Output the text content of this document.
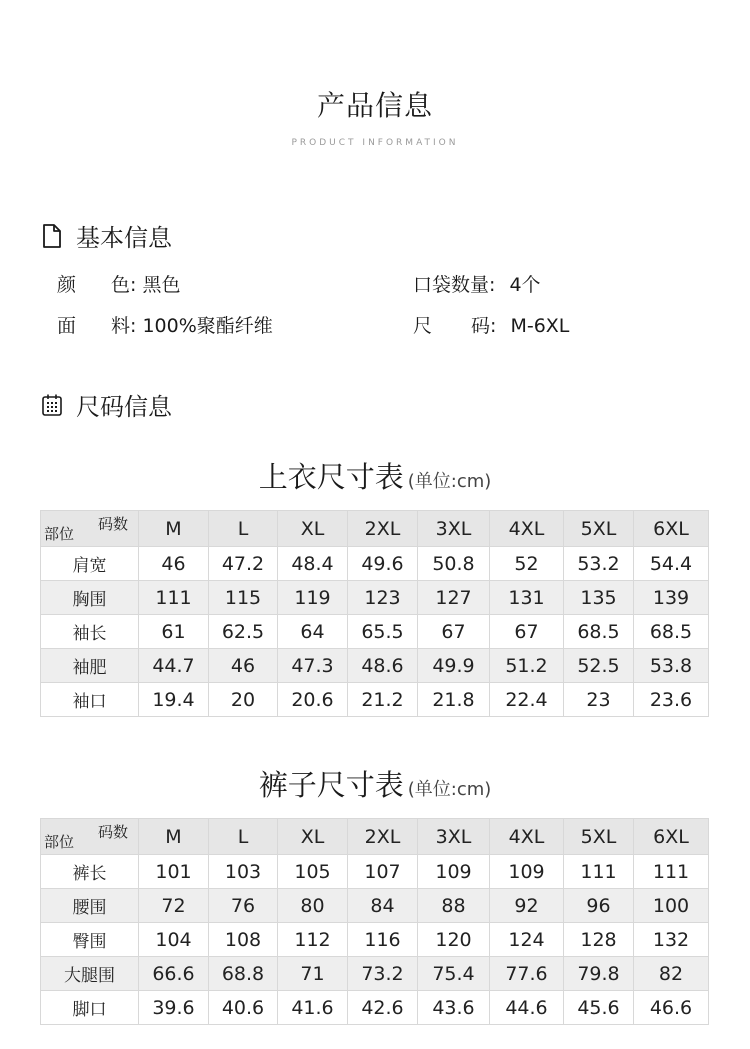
产品信息
PRODUCT INFORMATION
基本信息
颜 色: 黑色
面 料: 100%聚酯纤维
口袋数量: 4个
尺 码: M-6XL
尺码信息
上衣尺寸表 (单位:cm)
码数
部位	M	L	XL	2XL	3XL	4XL	5XL	6XL
肩宽	46	47.2	48.4	49.6	50.8	52	53.2	54.4
胸围	111	115	119	123	127	131	135	139
袖长	61	62.5	64	65.5	67	67	68.5	68.5
袖肥	44.7	46	47.3	48.6	49.9	51.2	52.5	53.8
袖口	19.4	20	20.6	21.2	21.8	22.4	23	23.6
裤子尺寸表 (单位:cm)
码数
部位	M	L	XL	2XL	3XL	4XL	5XL	6XL
裤长	101	103	105	107	109	109	111	111
腰围	72	76	80	84	88	92	96	100
臀围	104	108	112	116	120	124	128	132
大腿围	66.6	68.8	71	73.2	75.4	77.6	79.8	82
脚口	39.6	40.6	41.6	42.6	43.6	44.6	45.6	46.6
